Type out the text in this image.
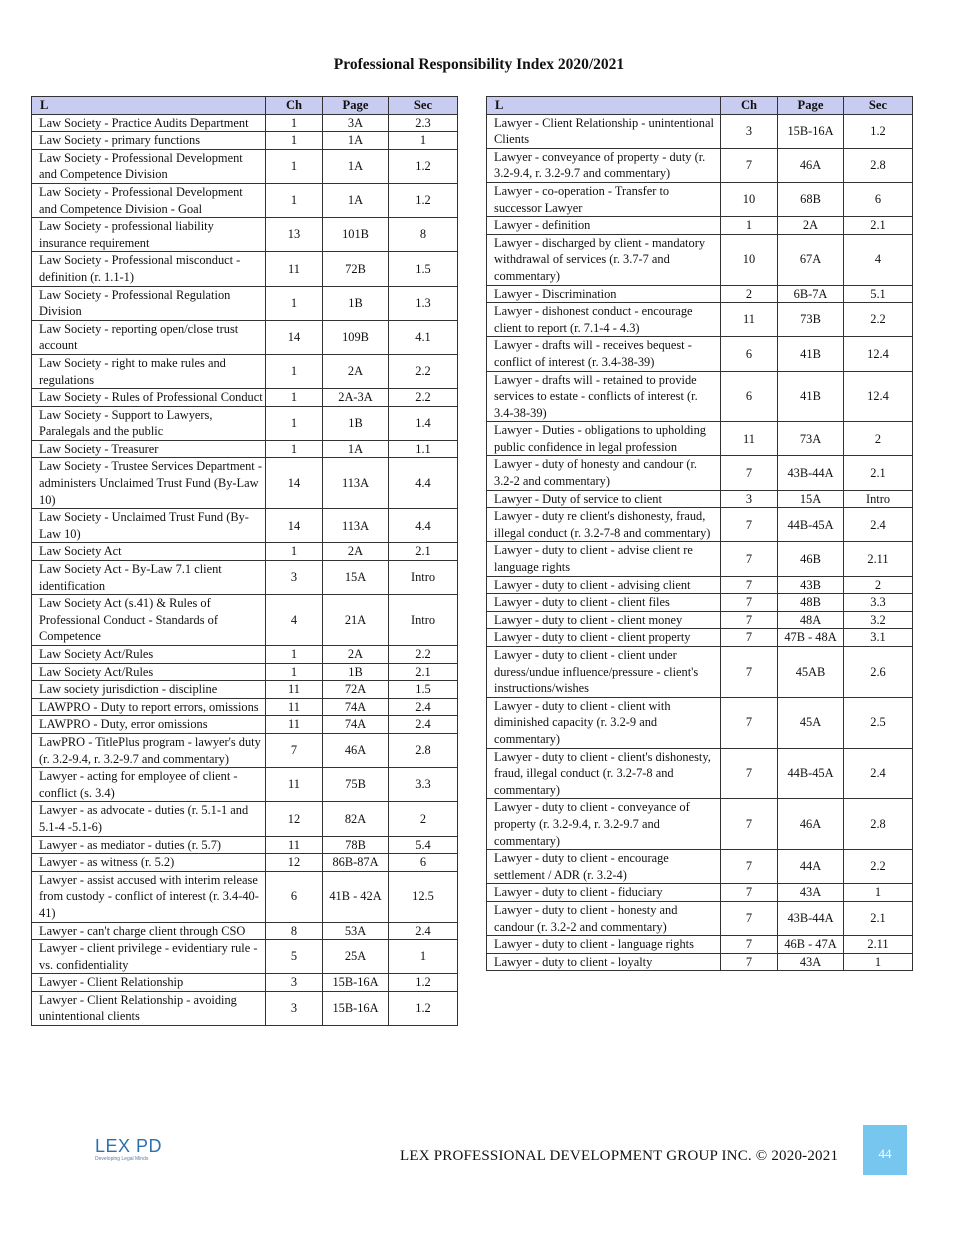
Professional Responsibility Index 2020/2021
L	Ch	Page	Sec
Law Society - Practice Audits Department	1	3A	2.3
Law Society - primary functions	1	1A	1
Law Society - Professional Development and Competence Division	1	1A	1.2
Law Society - Professional Development and Competence Division - Goal	1	1A	1.2
Law Society - professional liability insurance requirement	13	101B	8
Law Society - Professional misconduct - definition (r. 1.1-1)	11	72B	1.5
Law Society - Professional Regulation Division	1	1B	1.3
Law Society - reporting open/close trust account	14	109B	4.1
Law Society - right to make rules and regulations	1	2A	2.2
Law Society - Rules of Professional Conduct	1	2A-3A	2.2
Law Society - Support to Lawyers, Paralegals and the public	1	1B	1.4
Law Society - Treasurer	1	1A	1.1
Law Society - Trustee Services Department - administers Unclaimed Trust Fund (By-Law 10)	14	113A	4.4
Law Society - Unclaimed Trust Fund (By-Law 10)	14	113A	4.4
Law Society Act	1	2A	2.1
Law Society Act - By-Law 7.1 client identification	3	15A	Intro
Law Society Act (s.41) & Rules of Professional Conduct - Standards of Competence	4	21A	Intro
Law Society Act/Rules	1	2A	2.2
Law Society Act/Rules	1	1B	2.1
Law society jurisdiction - discipline	11	72A	1.5
LAWPRO - Duty to report errors, omissions	11	74A	2.4
LAWPRO - Duty, error omissions	11	74A	2.4
LawPRO - TitlePlus program - lawyer's duty (r. 3.2-9.4, r. 3.2-9.7 and commentary)	7	46A	2.8
Lawyer - acting for employee of client - conflict (s. 3.4)	11	75B	3.3
Lawyer - as advocate - duties (r. 5.1-1 and 5.1-4 -5.1-6)	12	82A	2
Lawyer - as mediator - duties (r. 5.7)	11	78B	5.4
Lawyer - as witness (r. 5.2)	12	86B-87A	6
Lawyer - assist accused with interim release from custody - conflict of interest (r. 3.4-40-41)	6	41B - 42A	12.5
Lawyer - can't charge client through CSO	8	53A	2.4
Lawyer - client privilege - evidentiary rule - vs. confidentiality	5	25A	1
Lawyer - Client Relationship	3	15B-16A	1.2
Lawyer - Client Relationship - avoiding unintentional clients	3	15B-16A	1.2
L	Ch	Page	Sec
Lawyer - Client Relationship - unintentional Clients	3	15B-16A	1.2
Lawyer - conveyance of property - duty (r. 3.2-9.4, r. 3.2-9.7 and commentary)	7	46A	2.8
Lawyer - co-operation - Transfer to successor Lawyer	10	68B	6
Lawyer - definition	1	2A	2.1
Lawyer - discharged by client - mandatory withdrawal of services (r. 3.7-7 and commentary)	10	67A	4
Lawyer - Discrimination	2	6B-7A	5.1
Lawyer - dishonest conduct - encourage client to report (r. 7.1-4 - 4.3)	11	73B	2.2
Lawyer - drafts will - receives bequest - conflict of interest (r. 3.4-38-39)	6	41B	12.4
Lawyer - drafts will - retained to provide services to estate - conflicts of interest (r. 3.4-38-39)	6	41B	12.4
Lawyer - Duties - obligations to upholding public confidence in legal profession	11	73A	2
Lawyer - duty of honesty and candour (r. 3.2-2 and commentary)	7	43B-44A	2.1
Lawyer - Duty of service to client	3	15A	Intro
Lawyer - duty re client's dishonesty, fraud, illegal conduct (r. 3.2-7-8 and commentary)	7	44B-45A	2.4
Lawyer - duty to client - advise client re language rights	7	46B	2.11
Lawyer - duty to client - advising client	7	43B	2
Lawyer - duty to client - client files	7	48B	3.3
Lawyer - duty to client - client money	7	48A	3.2
Lawyer - duty to client - client property	7	47B - 48A	3.1
Lawyer - duty to client - client under duress/undue influence/pressure - client's instructions/wishes	7	45AB	2.6
Lawyer - duty to client - client with diminished capacity (r. 3.2-9 and commentary)	7	45A	2.5
Lawyer - duty to client - client's dishonesty, fraud, illegal conduct (r. 3.2-7-8 and commentary)	7	44B-45A	2.4
Lawyer - duty to client - conveyance of property (r. 3.2-9.4, r. 3.2-9.7 and commentary)	7	46A	2.8
Lawyer - duty to client - encourage settlement / ADR (r. 3.2-4)	7	44A	2.2
Lawyer - duty to client - fiduciary	7	43A	1
Lawyer - duty to client - honesty and candour (r. 3.2-2 and commentary)	7	43B-44A	2.1
Lawyer - duty to client - language rights	7	46B - 47A	2.11
Lawyer - duty to client - loyalty	7	43A	1
LEX PD
Developing Legal Minds	LEX PROFESSIONAL DEVELOPMENT GROUP INC. © 2020-2021	44
